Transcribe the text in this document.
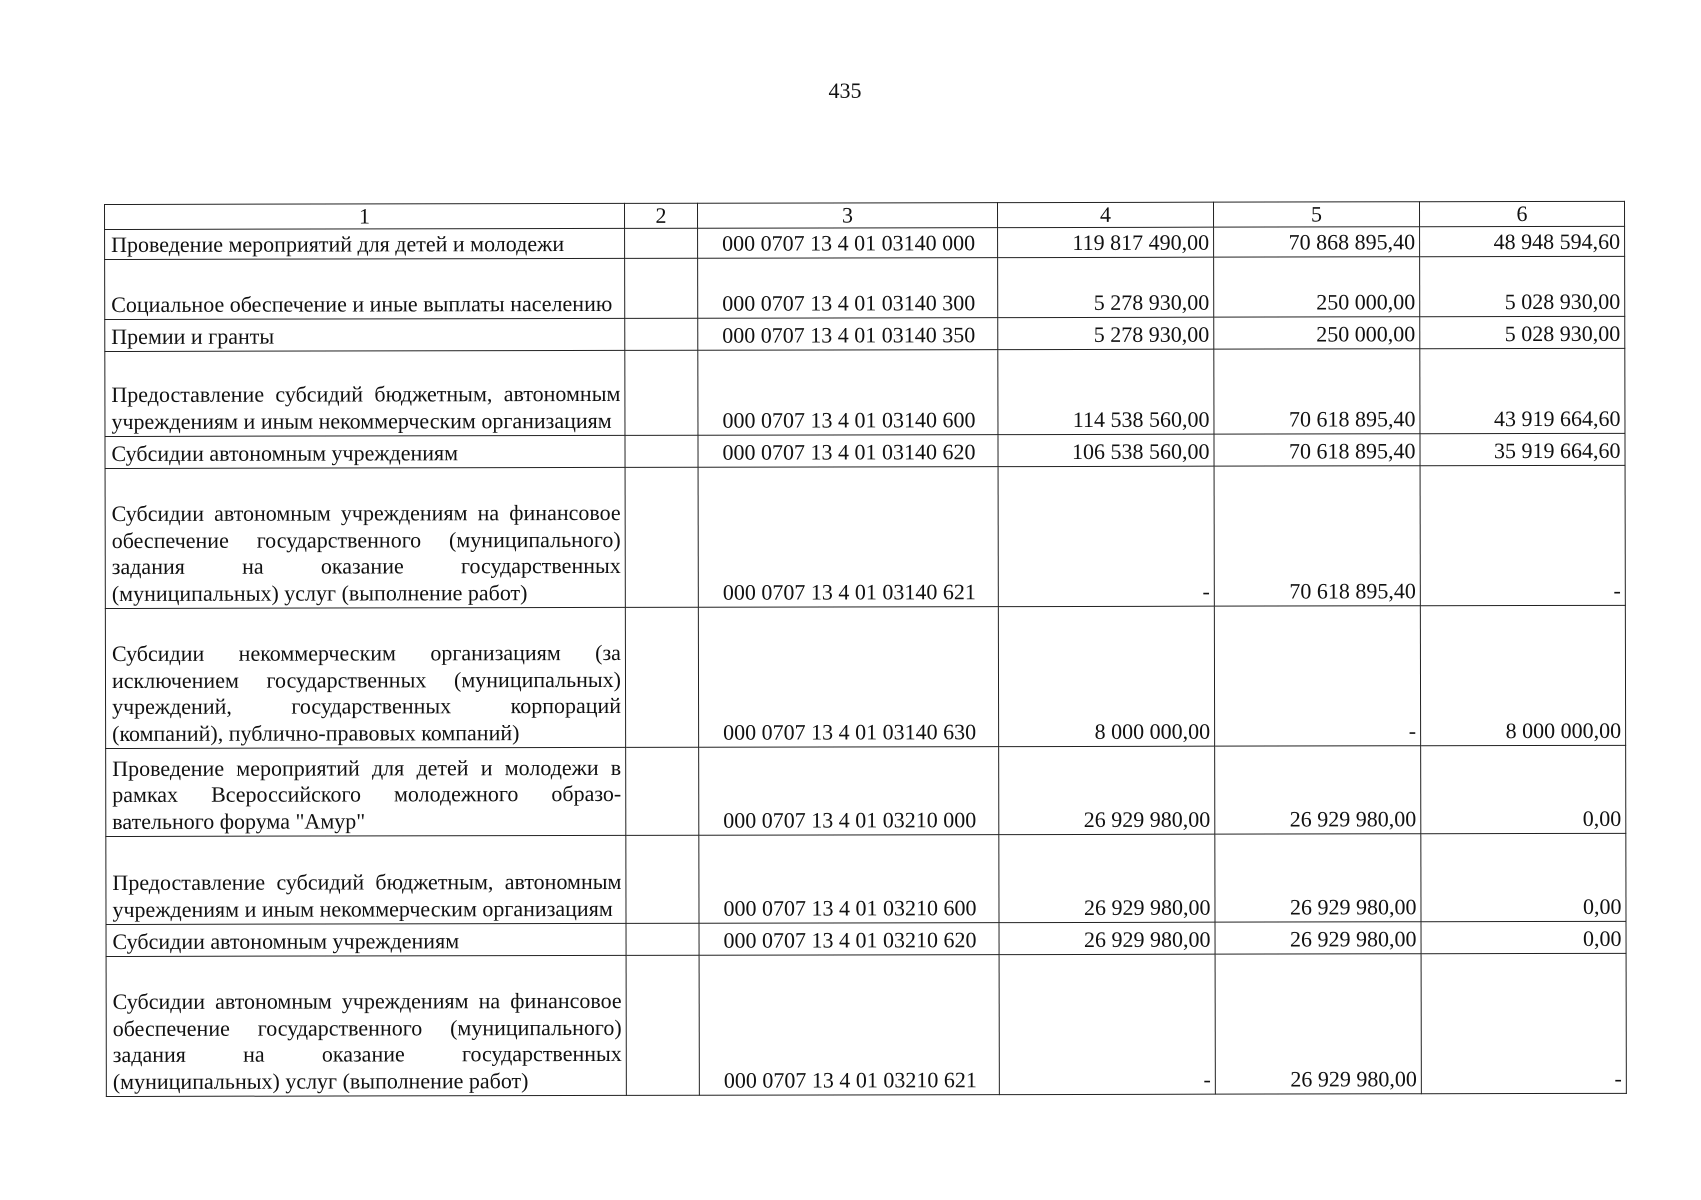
435
1	2	3	4	5	6
Проведение мероприятий для детей и молодежи		000 0707 13 4 01 03140 000	119 817 490,00	70 868 895,40	48 948 594,60
Социальное обеспечение и иные выплаты населению		000 0707 13 4 01 03140 300	5 278 930,00	250 000,00	5 028 930,00
Премии и гранты		000 0707 13 4 01 03140 350	5 278 930,00	250 000,00	5 028 930,00
Предоставление субсидий бюджетным, автономным учреждениям и иным некоммерческим организациям		000 0707 13 4 01 03140 600	114 538 560,00	70 618 895,40	43 919 664,60
Субсидии автономным учреждениям		000 0707 13 4 01 03140 620	106 538 560,00	70 618 895,40	35 919 664,60
Субсидии автономным учреждениям на финансовое обеспечение государственного (муниципального) задания на оказание государственных (муниципальных) услуг (выполнение работ)		000 0707 13 4 01 03140 621	-	70 618 895,40	-
Субсидии некоммерческим организациям (за исключением государственных (муниципальных) учреждений, государственных корпораций (компаний), публично-правовых компаний)		000 0707 13 4 01 03140 630	8 000 000,00	-	8 000 000,00
Проведение мероприятий для детей и молодежи в рамках Всероссийского молодежного образовательного форума "Амур"		000 0707 13 4 01 03210 000	26 929 980,00	26 929 980,00	0,00
Предоставление субсидий бюджетным, автономным учреждениям и иным некоммерческим организациям		000 0707 13 4 01 03210 600	26 929 980,00	26 929 980,00	0,00
Субсидии автономным учреждениям		000 0707 13 4 01 03210 620	26 929 980,00	26 929 980,00	0,00
Субсидии автономным учреждениям на финансовое обеспечение государственного (муниципального) задания на оказание государственных (муниципальных) услуг (выполнение работ)		000 0707 13 4 01 03210 621	-	26 929 980,00	-
